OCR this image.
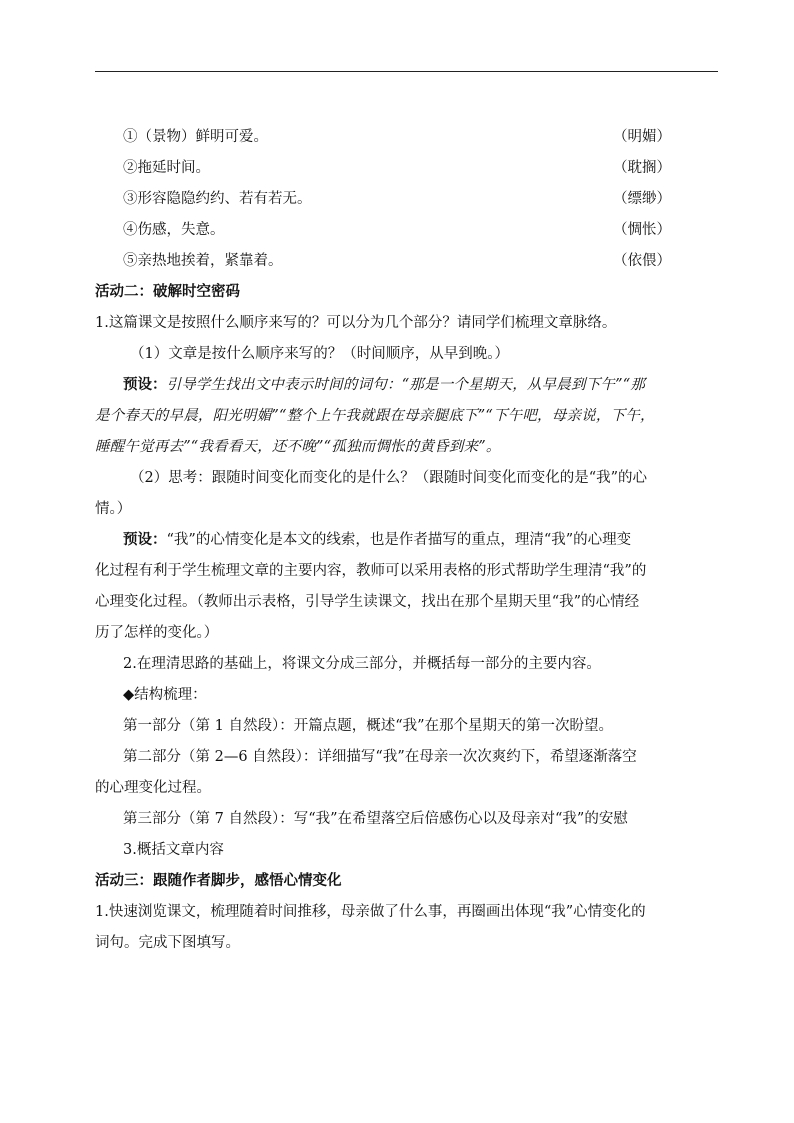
①（景物）鲜明可爱。	（明媚）
②拖延时间。	（耽搁）
③形容隐隐约约、若有若无。	（缥缈）
④伤感，失意。	（惆怅）
⑤亲热地挨着，紧靠着。	（依偎）
活动二：破解时空密码
1.这篇课文是按照什么顺序来写的？可以分为几个部分？请同学们梳理文章脉络。
（1）文章是按什么顺序来写的？（时间顺序，从早到晚。）
预设：引导学生找出文中表示时间的词句：“那是一个星期天，从早晨到下午”“那
是个春天的早晨，阳光明媚”“整个上午我就跟在母亲腿底下”“下午吧，母亲说，下午，
睡醒午觉再去”“我看看天，还不晚”“孤独而惆怅的黄昏到来”。
（2）思考：跟随时间变化而变化的是什么？（跟随时间变化而变化的是“我”的心
情。）
预设：“我”的心情变化是本文的线索，也是作者描写的重点，理清“我”的心理变
化过程有利于学生梳理文章的主要内容，教师可以采用表格的形式帮助学生理清“我”的
心理变化过程。（教师出示表格，引导学生读课文，找出在那个星期天里“我”的心情经
历了怎样的变化。）
2.在理清思路的基础上，将课文分成三部分，并概括每一部分的主要内容。
◆结构梳理：
第一部分（第 1 自然段）：开篇点题，概述“我”在那个星期天的第一次盼望。
第二部分（第 2—6 自然段）：详细描写“我”在母亲一次次爽约下，希望逐渐落空
的心理变化过程。
第三部分（第 7 自然段）：写“我”在希望落空后倍感伤心以及母亲对“我”的安慰
3.概括文章内容
活动三：跟随作者脚步，感悟心情变化
1.快速浏览课文，梳理随着时间推移，母亲做了什么事，再圈画出体现“我”心情变化的
词句。完成下图填写。
